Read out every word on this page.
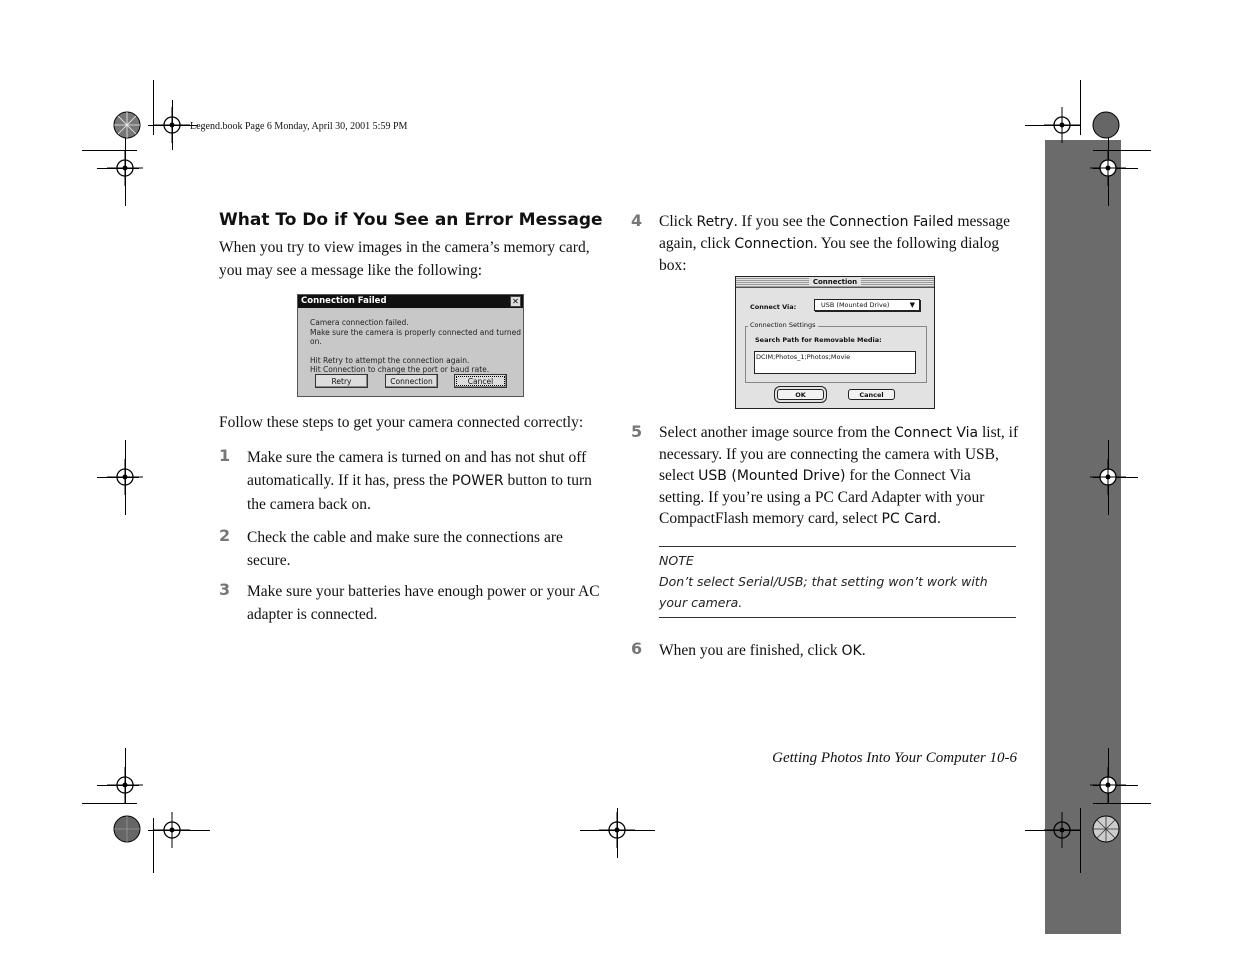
Legend.book Page 6 Monday, April 30, 2001 5:59 PM
What To Do if You See an Error Message
When you try to view images in the camera’s memory card, you may see a message like the following:
Connection Failed	✕
Camera connection failed.
Make sure the camera is properly connected and turned on.
Hit Retry to attempt the connection again.
Hit Connection to change the port or baud rate.
Retry	Connection	Cancel
Follow these steps to get your camera connected correctly:
1 Make sure the camera is turned on and has not shut off automatically. If it has, press the POWER button to turn the camera back on.
2 Check the cable and make sure the connections are secure.
3 Make sure your batteries have enough power or your AC adapter is connected.
4 Click Retry. If you see the Connection Failed message again, click Connection. You see the following dialog box:
Connection
Connect Via:	USB (Mounted Drive)	▼
Connection Settings
Search Path for Removable Media:
DCIM;Photos_1;Photos;Movie
OK	Cancel
5 Select another image source from the Connect Via list, if necessary. If you are connecting the camera with USB, select USB (Mounted Drive) for the Connect Via setting. If you’re using a PC Card Adapter with your CompactFlash memory card, select PC Card.
NOTE
Don’t select Serial/USB; that setting won’t work with your camera.
6 When you are finished, click OK.
Getting Photos Into Your Computer 10-6
